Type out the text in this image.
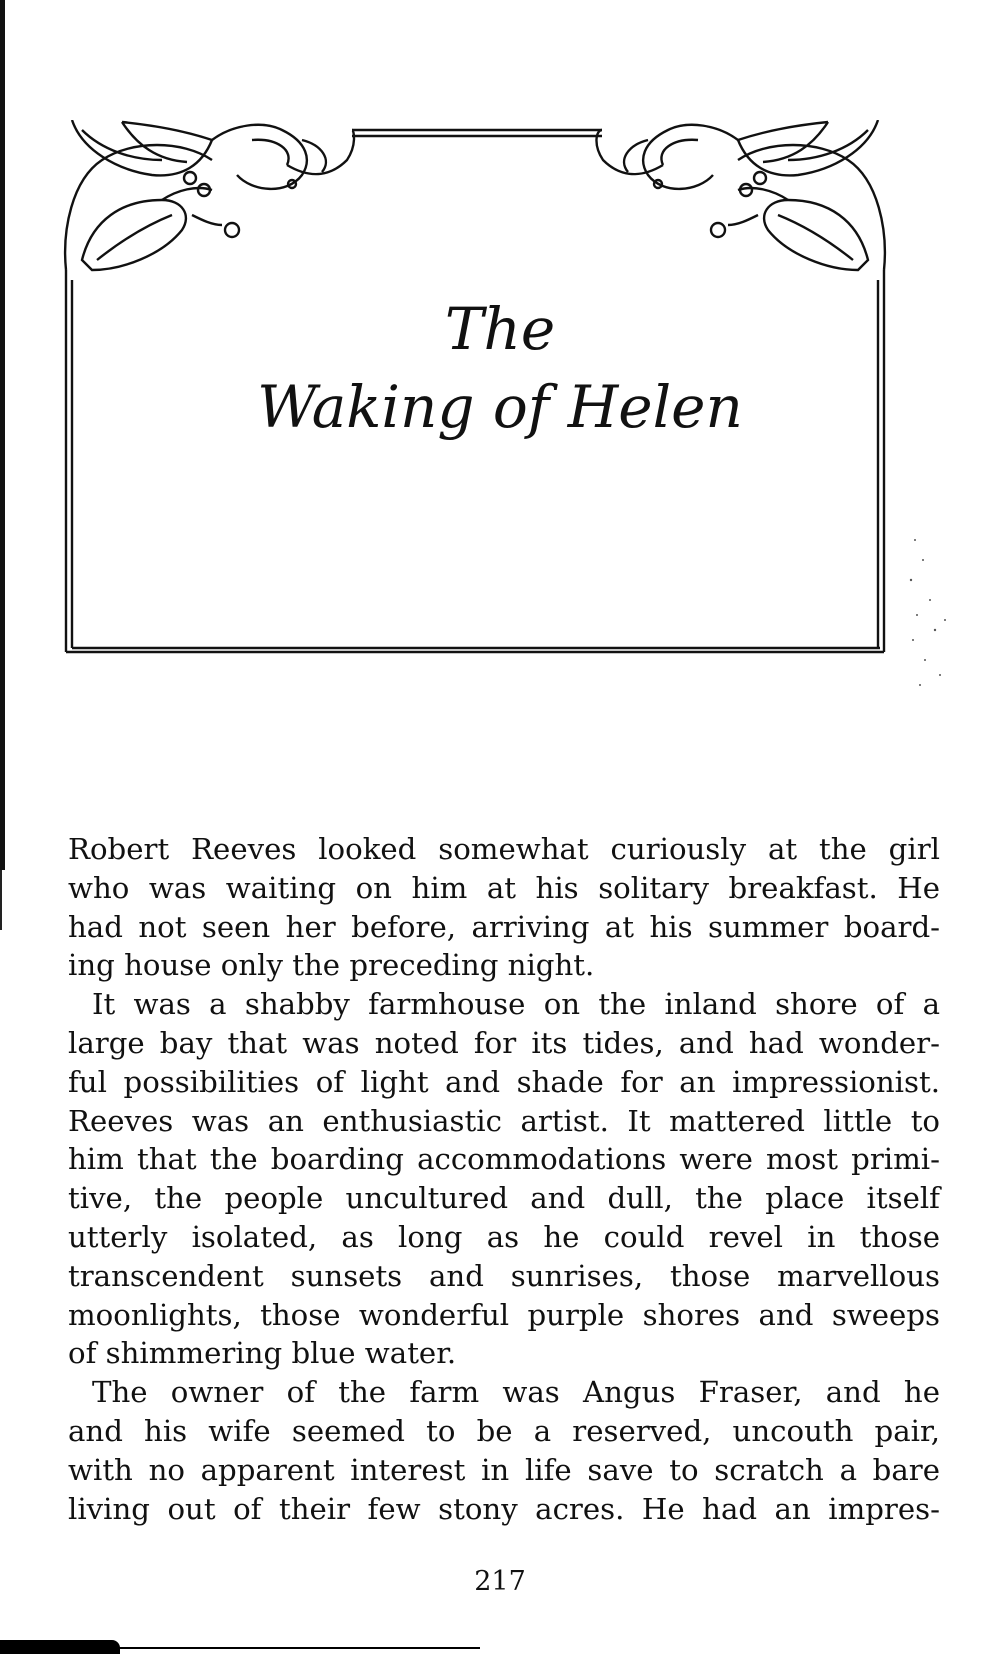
The
Waking of Helen

Robert Reeves looked somewhat curiously at the girl
who was waiting on him at his solitary breakfast. He
had not seen her before, arriving at his summer board-
ing house only the preceding night.

It was a shabby farmhouse on the inland shore of a
large bay that was noted for its tides, and had wonder-
ful possibilities of light and shade for an impressionist.
Reeves was an enthusiastic artist. It mattered little to
him that the boarding accommodations were most primi-
tive, the people uncultured and dull, the place itself
utterly isolated, as long as he could revel in those
transcendent sunsets and sunrises, those marvellous
moonlights, those wonderful purple shores and sweeps
of shimmering blue water.

The owner of the farm was Angus Fraser, and he
and his wife seemed to be a reserved, uncouth pair,
with no apparent interest in life save to scratch a bare
living out of their few stony acres. He had an impres-

217
